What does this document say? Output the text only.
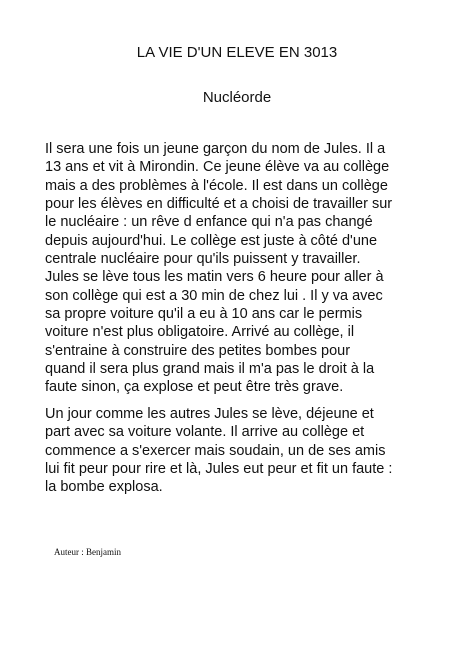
LA VIE D'UN ELEVE EN 3013
Nucléorde

Il sera une fois un jeune garçon du nom de Jules. Il a
13 ans et vit à Mirondin. Ce jeune élève va au collège
mais a des problèmes à l'école. Il est dans un collège
pour les élèves en difficulté et a choisi de travailler sur
le nucléaire : un rêve d enfance qui n'a pas changé
depuis aujourd'hui. Le collège est juste à côté d'une
centrale nucléaire pour qu'ils puissent y travailler.
Jules se lève tous les matin vers 6 heure pour aller à
son collège qui est a 30 min de chez lui . Il y va avec
sa propre voiture qu'il a eu à 10 ans car le permis
voiture n'est plus obligatoire. Arrivé au collège, il
s'entraine à construire des petites bombes pour
quand il sera plus grand mais il m'a pas le droit à la
faute sinon, ça explose et peut être très grave.

Un jour comme les autres Jules se lève, déjeune et
part avec sa voiture volante. Il arrive au collège et
commence a s'exercer mais soudain, un de ses amis
lui fit peur pour rire et là, Jules eut peur et fit un faute :
la bombe explosa.

Auteur : Benjamin
